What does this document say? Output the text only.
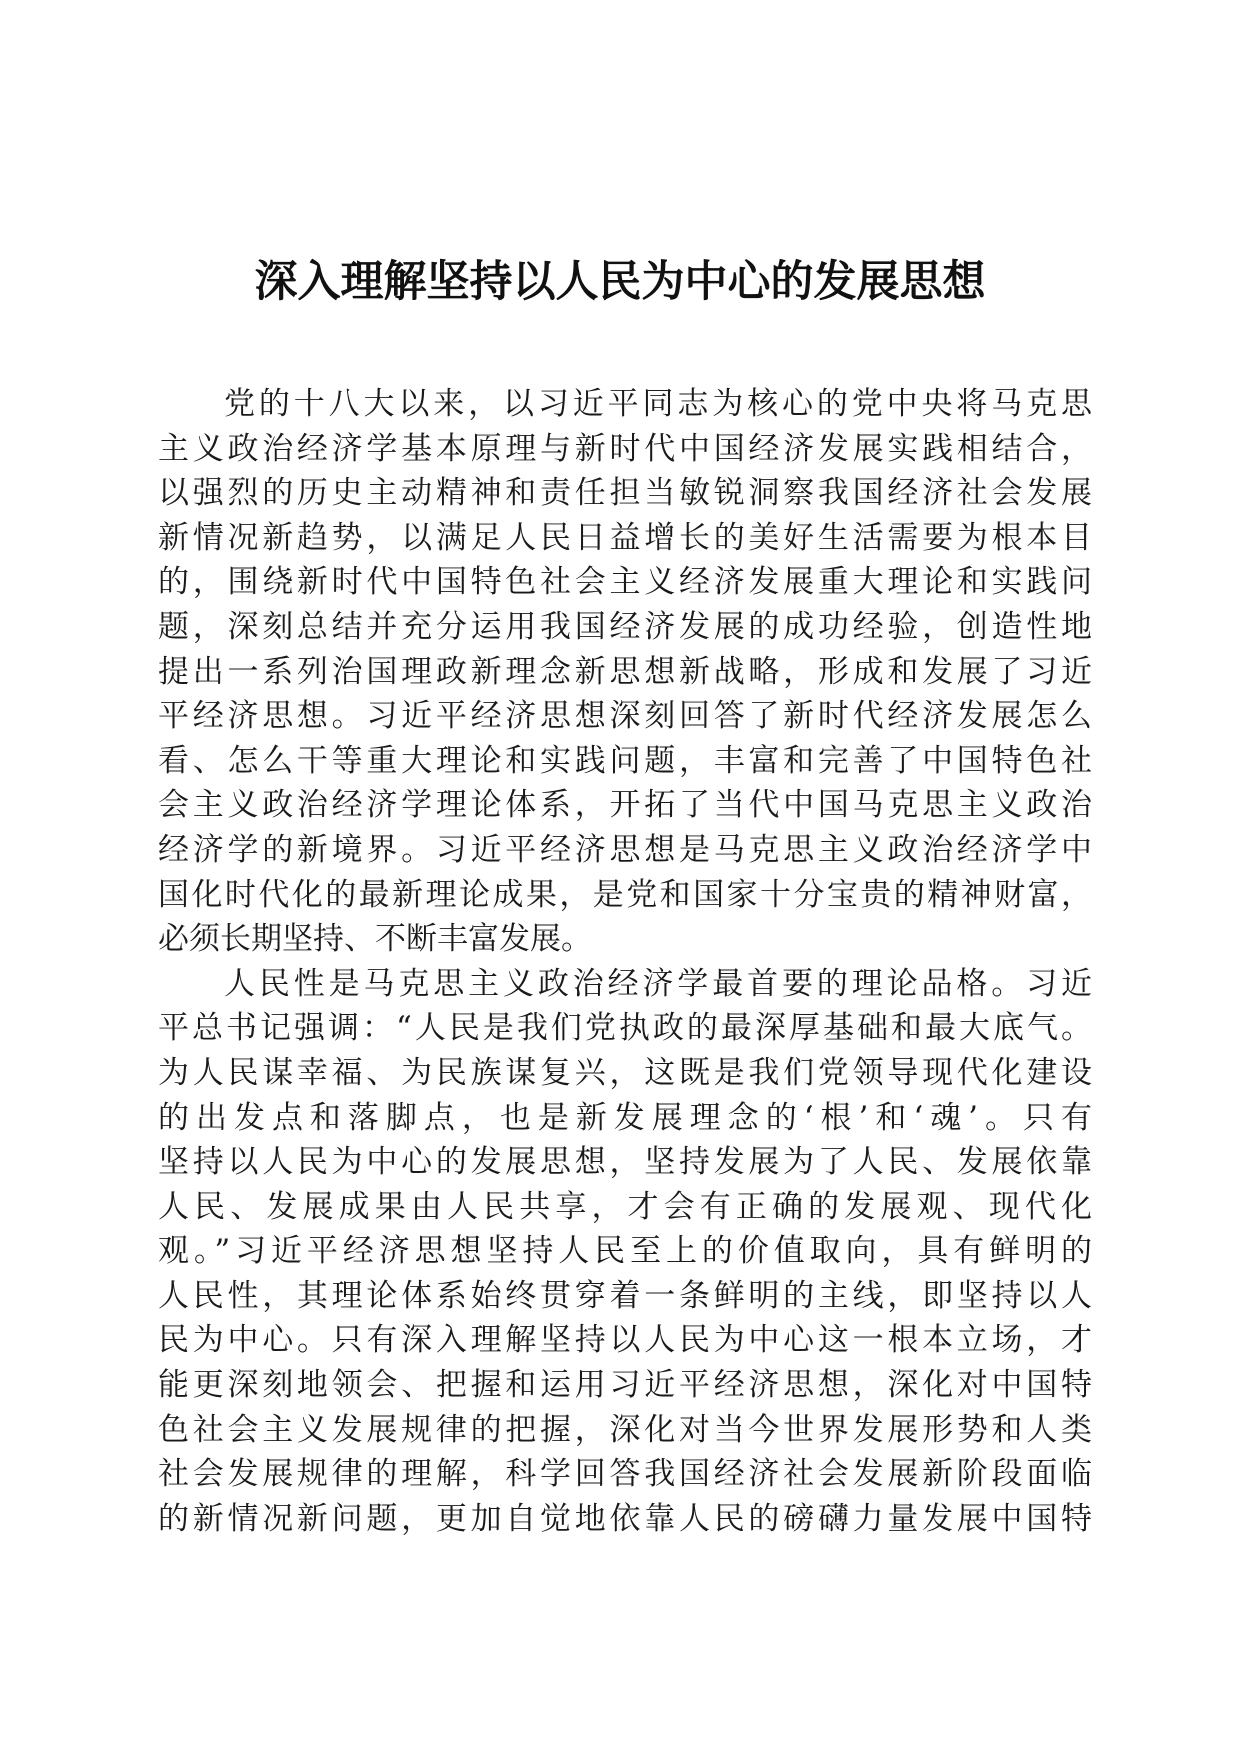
深入理解坚持以人民为中心的发展思想
党的十八大以来，以习近平同志为核心的党中央将马克思
主义政治经济学基本原理与新时代中国经济发展实践相结合，
以强烈的历史主动精神和责任担当敏锐洞察我国经济社会发展
新情况新趋势，以满足人民日益增长的美好生活需要为根本目
的，围绕新时代中国特色社会主义经济发展重大理论和实践问
题，深刻总结并充分运用我国经济发展的成功经验，创造性地
提出一系列治国理政新理念新思想新战略，形成和发展了习近
平经济思想。习近平经济思想深刻回答了新时代经济发展怎么
看、怎么干等重大理论和实践问题，丰富和完善了中国特色社
会主义政治经济学理论体系，开拓了当代中国马克思主义政治
经济学的新境界。习近平经济思想是马克思主义政治经济学中
国化时代化的最新理论成果，是党和国家十分宝贵的精神财富，
必须长期坚持、不断丰富发展。
人民性是马克思主义政治经济学最首要的理论品格。习近
平总书记强调：“人民是我们党执政的最深厚基础和最大底气。
为人民谋幸福、为民族谋复兴，这既是我们党领导现代化建设
的出发点和落脚点，也是新发展理念的‘根’和‘魂’。只有
坚持以人民为中心的发展思想，坚持发展为了人民、发展依靠
人民、发展成果由人民共享，才会有正确的发展观、现代化
观。”习近平经济思想坚持人民至上的价值取向，具有鲜明的
人民性，其理论体系始终贯穿着一条鲜明的主线，即坚持以人
民为中心。只有深入理解坚持以人民为中心这一根本立场，才
能更深刻地领会、把握和运用习近平经济思想，深化对中国特
色社会主义发展规律的把握，深化对当今世界发展形势和人类
社会发展规律的理解，科学回答我国经济社会发展新阶段面临
的新情况新问题，更加自觉地依靠人民的磅礴力量发展中国特
